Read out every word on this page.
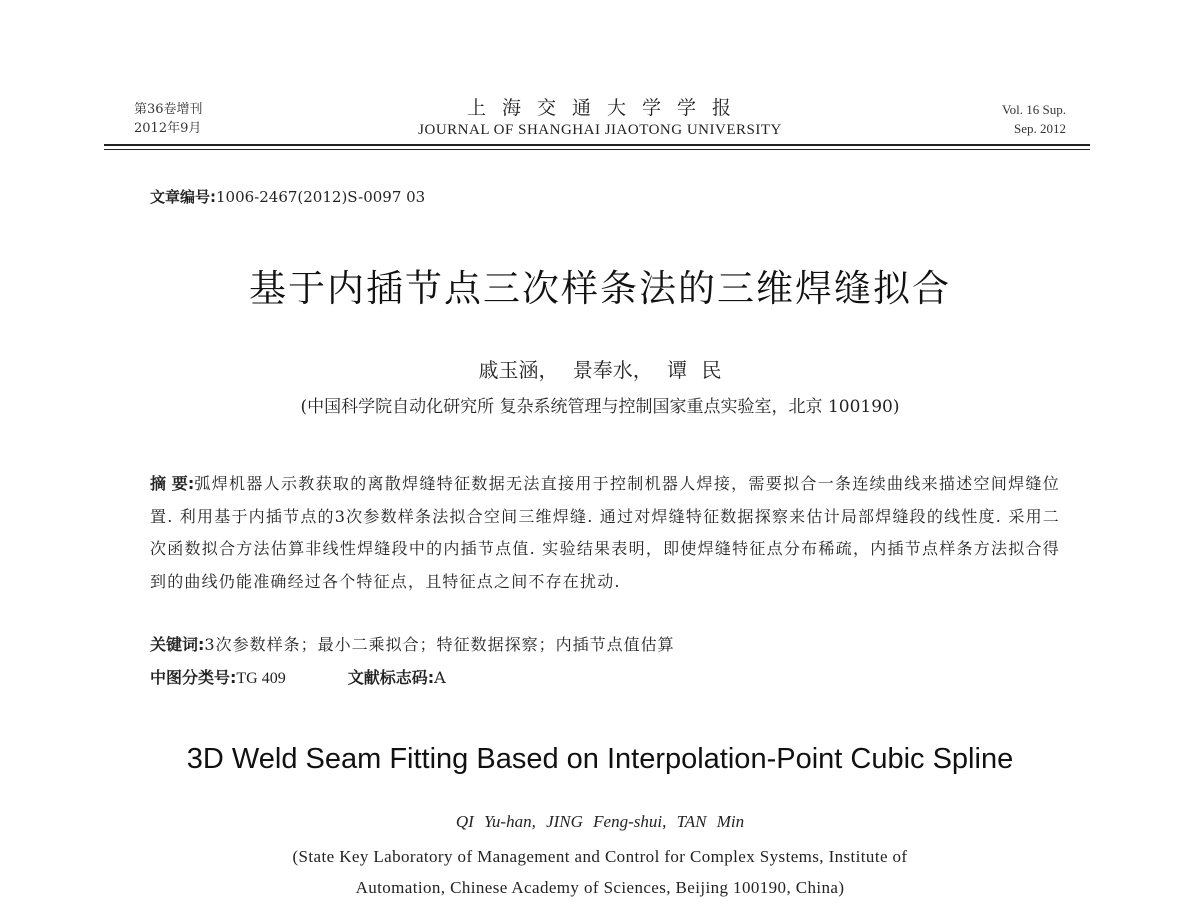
第36卷增刊
2012年9月
上海交通大学学报
JOURNAL OF SHANGHAI JIAOTONG UNIVERSITY
Vol. 16 Sup.
Sep. 2012
文章编号:1006-2467(2012)S-0097 03
基于内插节点三次样条法的三维焊缝拟合
戚玉涵， 景奉水， 谭 民
(中国科学院自动化研究所 复杂系统管理与控制国家重点实验室，北京 100190)
摘 要:弧焊机器人示教获取的离散焊缝特征数据无法直接用于控制机器人焊接，需要拟合一条连续曲线来描述空间焊缝位置. 利用基于内插节点的3次参数样条法拟合空间三维焊缝. 通过对焊缝特征数据探察来估计局部焊缝段的线性度. 采用二次函数拟合方法估算非线性焊缝段中的内插节点值. 实验结果表明，即使焊缝特征点分布稀疏，内插节点样条方法拟合得到的曲线仍能准确经过各个特征点，且特征点之间不存在扰动.
关键词:3次参数样条；最小二乘拟合；特征数据探察；内插节点值估算
中图分类号:TG 409	文献标志码:A
3D Weld Seam Fitting Based on Interpolation-Point Cubic Spline
QI Yu-han, JING Feng-shui, TAN Min
(State Key Laboratory of Management and Control for Complex Systems, Institute of
Automation, Chinese Academy of Sciences, Beijing 100190, China)
